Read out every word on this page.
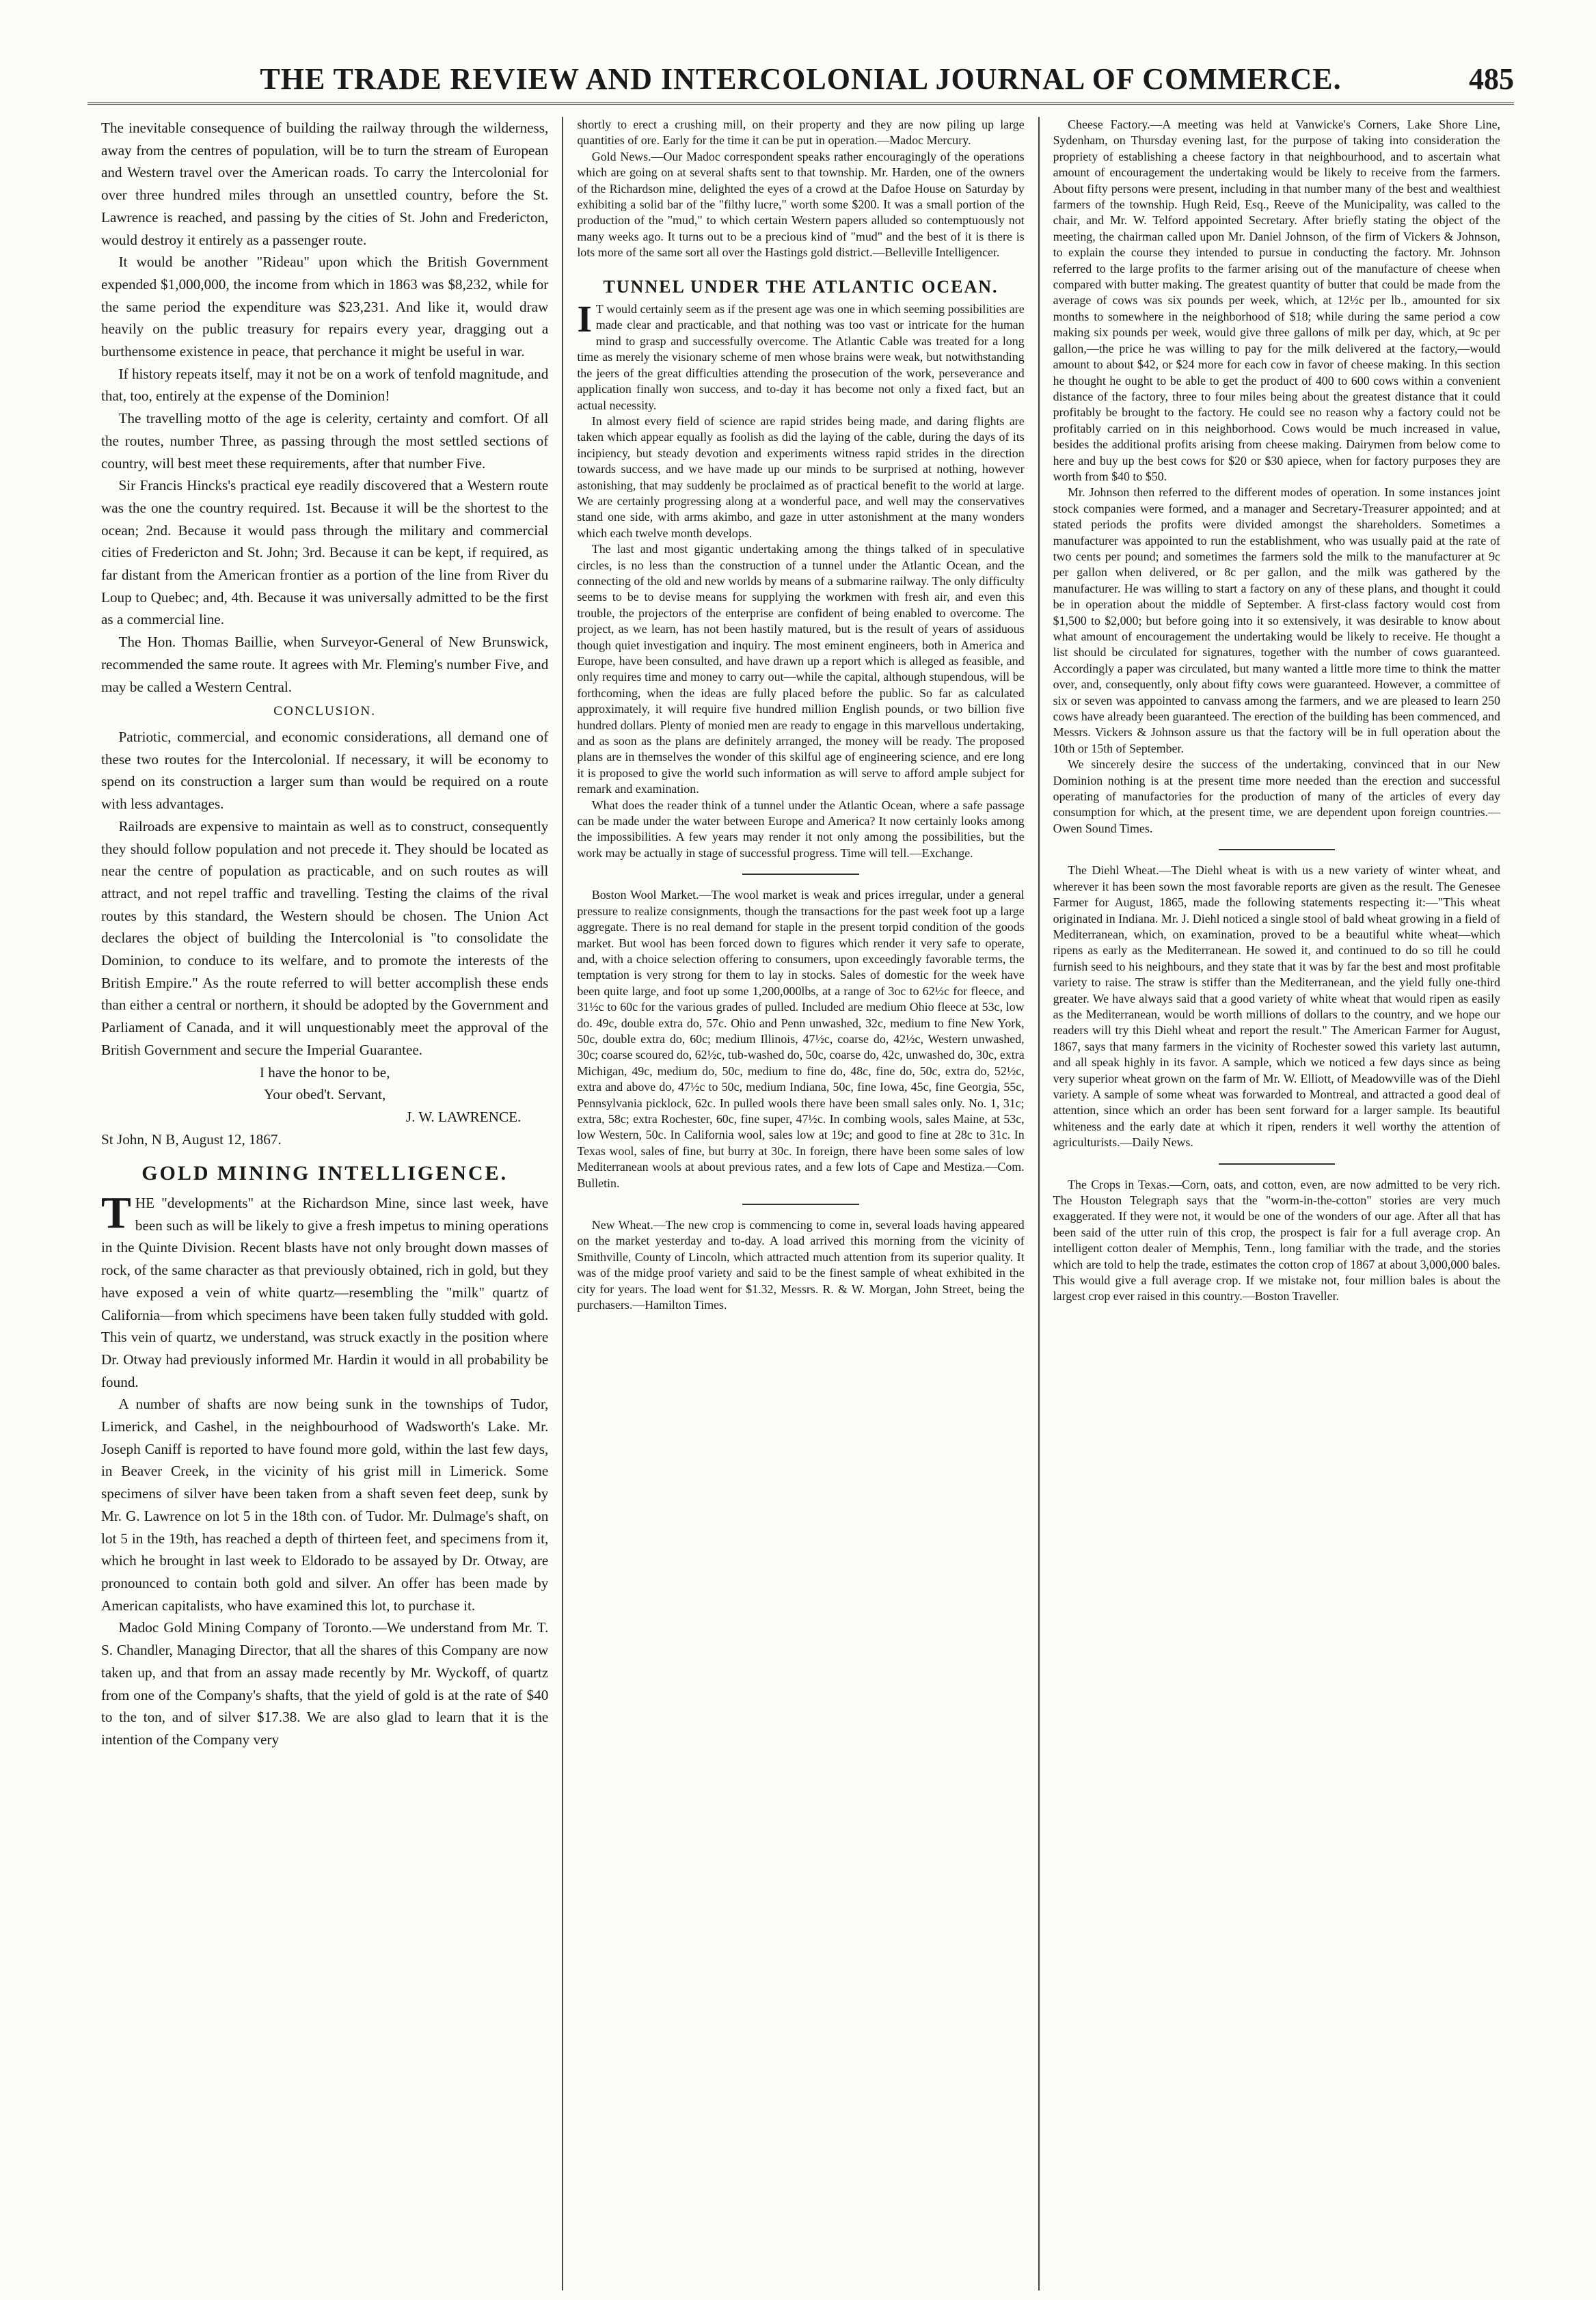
THE TRADE REVIEW AND INTERCOLONIAL JOURNAL OF COMMERCE.	485

The inevitable consequence of building the railway through the wilderness, away from the centres of population, will be to turn the stream of European and Western travel over the American roads. To carry the Intercolonial for over three hundred miles through an unsettled country, before the St. Lawrence is reached, and passing by the cities of St. John and Fredericton, would destroy it entirely as a passenger route.

It would be another "Rideau" upon which the British Government expended $1,000,000, the income from which in 1863 was $8,232, while for the same period the expenditure was $23,231. And like it, would draw heavily on the public treasury for repairs every year, dragging out a burthensome existence in peace, that perchance it might be useful in war.

If history repeats itself, may it not be on a work of tenfold magnitude, and that, too, entirely at the expense of the Dominion!

The travelling motto of the age is celerity, certainty and comfort. Of all the routes, number Three, as passing through the most settled sections of country, will best meet these requirements, after that number Five.

Sir Francis Hincks's practical eye readily discovered that a Western route was the one the country required. 1st. Because it will be the shortest to the ocean; 2nd. Because it would pass through the military and commercial cities of Fredericton and St. John; 3rd. Because it can be kept, if required, as far distant from the American frontier as a portion of the line from River du Loup to Quebec; and, 4th. Because it was universally admitted to be the first as a commercial line.

The Hon. Thomas Baillie, when Surveyor-General of New Brunswick, recommended the same route. It agrees with Mr. Fleming's number Five, and may be called a Western Central.

CONCLUSION.

Patriotic, commercial, and economic considerations, all demand one of these two routes for the Intercolonial. If necessary, it will be economy to spend on its construction a larger sum than would be required on a route with less advantages.

Railroads are expensive to maintain as well as to construct, consequently they should follow population and not precede it. They should be located as near the centre of population as practicable, and on such routes as will attract, and not repel traffic and travelling. Testing the claims of the rival routes by this standard, the Western should be chosen. The Union Act declares the object of building the Intercolonial is "to consolidate the Dominion, to conduce to its welfare, and to promote the interests of the British Empire." As the route referred to will better accomplish these ends than either a central or northern, it should be adopted by the Government and Parliament of Canada, and it will unquestionably meet the approval of the British Government and secure the Imperial Guarantee.

I have the honor to be,
Your obed't. Servant,
J. W. LAWRENCE.

St John, N B, August 12, 1867.

GOLD MINING INTELLIGENCE.

THE "developments" at the Richardson Mine, since last week, have been such as will be likely to give a fresh impetus to mining operations in the Quinte Division. Recent blasts have not only brought down masses of rock, of the same character as that previously obtained, rich in gold, but they have exposed a vein of white quartz—resembling the "milk" quartz of California—from which specimens have been taken fully studded with gold. This vein of quartz, we understand, was struck exactly in the position where Dr. Otway had previously informed Mr. Hardin it would in all probability be found.

A number of shafts are now being sunk in the townships of Tudor, Limerick, and Cashel, in the neighbourhood of Wadsworth's Lake. Mr. Joseph Caniff is reported to have found more gold, within the last few days, in Beaver Creek, in the vicinity of his grist mill in Limerick. Some specimens of silver have been taken from a shaft seven feet deep, sunk by Mr. G. Lawrence on lot 5 in the 18th con. of Tudor. Mr. Dulmage's shaft, on lot 5 in the 19th, has reached a depth of thirteen feet, and specimens from it, which he brought in last week to Eldorado to be assayed by Dr. Otway, are pronounced to contain both gold and silver. An offer has been made by American capitalists, who have examined this lot, to purchase it.

Madoc Gold Mining Company of Toronto.—We understand from Mr. T. S. Chandler, Managing Director, that all the shares of this Company are now taken up, and that from an assay made recently by Mr. Wyckoff, of quartz from one of the Company's shafts, that the yield of gold is at the rate of $40 to the ton, and of silver $17.38. We are also glad to learn that it is the intention of the Company very

shortly to erect a crushing mill, on their property and they are now piling up large quantities of ore. Early for the time it can be put in operation.—Madoc Mercury.

Gold News.—Our Madoc correspondent speaks rather encouragingly of the operations which are going on at several shafts sent to that township. Mr. Harden, one of the owners of the Richardson mine, delighted the eyes of a crowd at the Dafoe House on Saturday by exhibiting a solid bar of the "filthy lucre," worth some $200. It was a small portion of the production of the "mud," to which certain Western papers alluded so contemptuously not many weeks ago. It turns out to be a precious kind of "mud" and the best of it is there is lots more of the same sort all over the Hastings gold district.—Belleville Intelligencer.

TUNNEL UNDER THE ATLANTIC OCEAN.

I T would certainly seem as if the present age was one in which seeming possibilities are made clear and practicable, and that nothing was too vast or intricate for the human mind to grasp and successfully overcome. The Atlantic Cable was treated for a long time as merely the visionary scheme of men whose brains were weak, but notwithstanding the jeers of the great difficulties attending the prosecution of the work, perseverance and application finally won success, and to-day it has become not only a fixed fact, but an actual necessity.

In almost every field of science are rapid strides being made, and daring flights are taken which appear equally as foolish as did the laying of the cable, during the days of its incipiency, but steady devotion and experiments witness rapid strides in the direction towards success, and we have made up our minds to be surprised at nothing, however astonishing, that may suddenly be proclaimed as of practical benefit to the world at large. We are certainly progressing along at a wonderful pace, and well may the conservatives stand one side, with arms akimbo, and gaze in utter astonishment at the many wonders which each twelve month develops.

The last and most gigantic undertaking among the things talked of in speculative circles, is no less than the construction of a tunnel under the Atlantic Ocean, and the connecting of the old and new worlds by means of a submarine railway. The only difficulty seems to be to devise means for supplying the workmen with fresh air, and even this trouble, the projectors of the enterprise are confident of being enabled to overcome. The project, as we learn, has not been hastily matured, but is the result of years of assiduous though quiet investigation and inquiry. The most eminent engineers, both in America and Europe, have been consulted, and have drawn up a report which is alleged as feasible, and only requires time and money to carry out—while the capital, although stupendous, will be forthcoming, when the ideas are fully placed before the public. So far as calculated approximately, it will require five hundred million English pounds, or two billion five hundred dollars. Plenty of monied men are ready to engage in this marvellous undertaking, and as soon as the plans are definitely arranged, the money will be ready. The proposed plans are in themselves the wonder of this skilful age of engineering science, and ere long it is proposed to give the world such information as will serve to afford ample subject for remark and examination.

What does the reader think of a tunnel under the Atlantic Ocean, where a safe passage can be made under the water between Europe and America? It now certainly looks among the impossibilities. A few years may render it not only among the possibilities, but the work may be actually in stage of successful progress. Time will tell.—Exchange.

Boston Wool Market.—The wool market is weak and prices irregular, under a general pressure to realize consignments, though the transactions for the past week foot up a large aggregate. There is no real demand for staple in the present torpid condition of the goods market. But wool has been forced down to figures which render it very safe to operate, and, with a choice selection offering to consumers, upon exceedingly favorable terms, the temptation is very strong for them to lay in stocks. Sales of domestic for the week have been quite large, and foot up some 1,200,000lbs, at a range of 3oc to 62½c for fleece, and 31½c to 60c for the various grades of pulled. Included are medium Ohio fleece at 53c, low do. 49c, double extra do, 57c. Ohio and Penn unwashed, 32c, medium to fine New York, 50c, double extra do, 60c; medium Illinois, 47½c, coarse do, 42½c, Western unwashed, 30c; coarse scoured do, 62½c, tub-washed do, 50c, coarse do, 42c, unwashed do, 30c, extra Michigan, 49c, medium do, 50c, medium to fine do, 48c, fine do, 50c, extra do, 52½c, extra and above do, 47½c to 50c, medium Indiana, 50c, fine Iowa, 45c, fine Georgia, 55c, Pennsylvania picklock, 62c. In pulled wools there have been small sales only. No. 1, 31c; extra, 58c; extra Rochester, 60c, fine super, 47½c. In combing wools, sales Maine, at 53c, low Western, 50c. In California wool, sales low at 19c; and good to fine at 28c to 31c. In Texas wool, sales of fine, but burry at 30c. In foreign, there have been some sales of low Mediterranean wools at about previous rates, and a few lots of Cape and Mestiza.—Com. Bulletin.

New Wheat.—The new crop is commencing to come in, several loads having appeared on the market yesterday and to-day. A load arrived this morning from the vicinity of Smithville, County of Lincoln, which attracted much attention from its superior quality. It was of the midge proof variety and said to be the finest sample of wheat exhibited in the city for years. The load went for $1.32, Messrs. R. & W. Morgan, John Street, being the purchasers.—Hamilton Times.

Cheese Factory.—A meeting was held at Vanwicke's Corners, Lake Shore Line, Sydenham, on Thursday evening last, for the purpose of taking into consideration the propriety of establishing a cheese factory in that neighbourhood, and to ascertain what amount of encouragement the undertaking would be likely to receive from the farmers. About fifty persons were present, including in that number many of the best and wealthiest farmers of the township. Hugh Reid, Esq., Reeve of the Municipality, was called to the chair, and Mr. W. Telford appointed Secretary. After briefly stating the object of the meeting, the chairman called upon Mr. Daniel Johnson, of the firm of Vickers & Johnson, to explain the course they intended to pursue in conducting the factory. Mr. Johnson referred to the large profits to the farmer arising out of the manufacture of cheese when compared with butter making. The greatest quantity of butter that could be made from the average of cows was six pounds per week, which, at 12½c per lb., amounted for six months to somewhere in the neighborhood of $18; while during the same period a cow making six pounds per week, would give three gallons of milk per day, which, at 9c per gallon,—the price he was willing to pay for the milk delivered at the factory,—would amount to about $42, or $24 more for each cow in favor of cheese making. In this section he thought he ought to be able to get the product of 400 to 600 cows within a convenient distance of the factory, three to four miles being about the greatest distance that it could profitably be brought to the factory. He could see no reason why a factory could not be profitably carried on in this neighborhood. Cows would be much increased in value, besides the additional profits arising from cheese making. Dairymen from below come to here and buy up the best cows for $20 or $30 apiece, when for factory purposes they are worth from $40 to $50.

Mr. Johnson then referred to the different modes of operation. In some instances joint stock companies were formed, and a manager and Secretary-Treasurer appointed; and at stated periods the profits were divided amongst the shareholders. Sometimes a manufacturer was appointed to run the establishment, who was usually paid at the rate of two cents per pound; and sometimes the farmers sold the milk to the manufacturer at 9c per gallon when delivered, or 8c per gallon, and the milk was gathered by the manufacturer. He was willing to start a factory on any of these plans, and thought it could be in operation about the middle of September. A first-class factory would cost from $1,500 to $2,000; but before going into it so extensively, it was desirable to know about what amount of encouragement the undertaking would be likely to receive. He thought a list should be circulated for signatures, together with the number of cows guaranteed. Accordingly a paper was circulated, but many wanted a little more time to think the matter over, and, consequently, only about fifty cows were guaranteed. However, a committee of six or seven was appointed to canvass among the farmers, and we are pleased to learn 250 cows have already been guaranteed. The erection of the building has been commenced, and Messrs. Vickers & Johnson assure us that the factory will be in full operation about the 10th or 15th of September.

We sincerely desire the success of the undertaking, convinced that in our New Dominion nothing is at the present time more needed than the erection and successful operating of manufactories for the production of many of the articles of every day consumption for which, at the present time, we are dependent upon foreign countries.—Owen Sound Times.

The Diehl Wheat.—The Diehl wheat is with us a new variety of winter wheat, and wherever it has been sown the most favorable reports are given as the result. The Genesee Farmer for August, 1865, made the following statements respecting it:—"This wheat originated in Indiana. Mr. J. Diehl noticed a single stool of bald wheat growing in a field of Mediterranean, which, on examination, proved to be a beautiful white wheat—which ripens as early as the Mediterranean. He sowed it, and continued to do so till he could furnish seed to his neighbours, and they state that it was by far the best and most profitable variety to raise. The straw is stiffer than the Mediterranean, and the yield fully one-third greater. We have always said that a good variety of white wheat that would ripen as easily as the Mediterranean, would be worth millions of dollars to the country, and we hope our readers will try this Diehl wheat and report the result." The American Farmer for August, 1867, says that many farmers in the vicinity of Rochester sowed this variety last autumn, and all speak highly in its favor. A sample, which we noticed a few days since as being very superior wheat grown on the farm of Mr. W. Elliott, of Meadowville was of the Diehl variety. A sample of some wheat was forwarded to Montreal, and attracted a good deal of attention, since which an order has been sent forward for a larger sample. Its beautiful whiteness and the early date at which it ripen, renders it well worthy the attention of agriculturists.—Daily News.

The Crops in Texas.—Corn, oats, and cotton, even, are now admitted to be very rich. The Houston Telegraph says that the "worm-in-the-cotton" stories are very much exaggerated. If they were not, it would be one of the wonders of our age. After all that has been said of the utter ruin of this crop, the prospect is fair for a full average crop. An intelligent cotton dealer of Memphis, Tenn., long familiar with the trade, and the stories which are told to help the trade, estimates the cotton crop of 1867 at about 3,000,000 bales. This would give a full average crop. If we mistake not, four million bales is about the largest crop ever raised in this country.—Boston Traveller.
